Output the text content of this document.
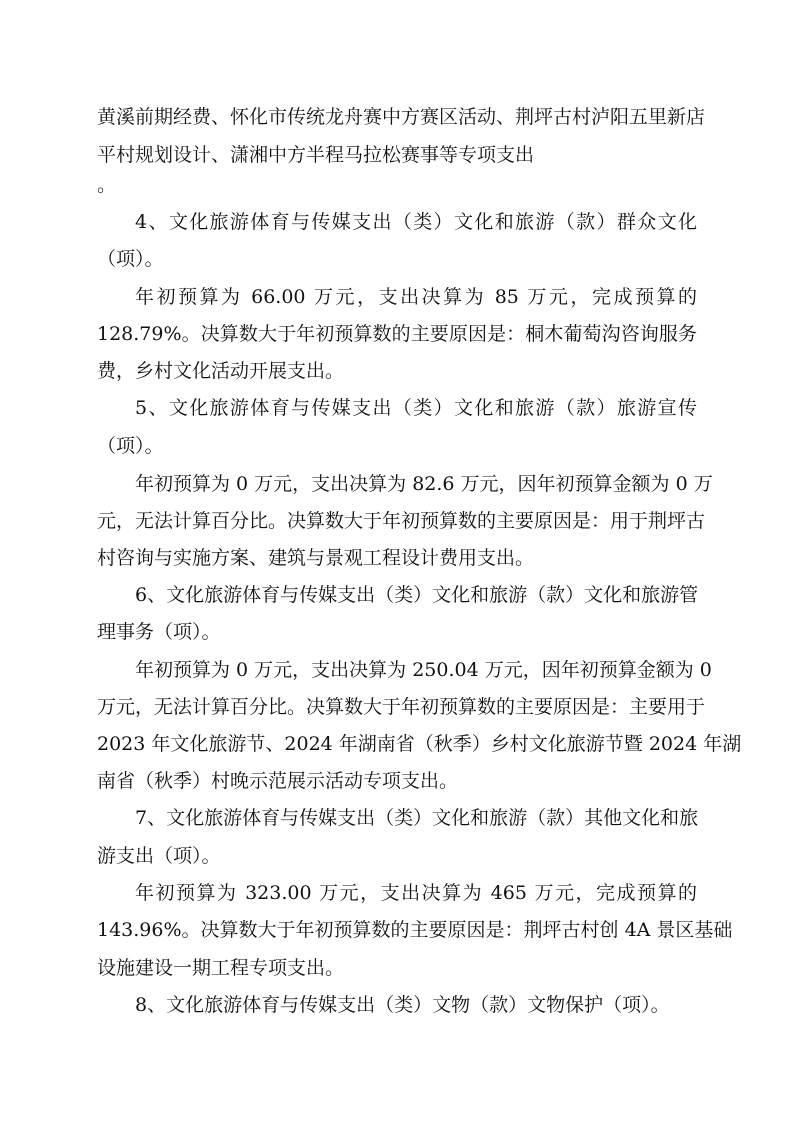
黄溪前期经费、怀化市传统龙舟赛中方赛区活动、荆坪古村泸阳五里新店
平村规划设计、潇湘中方半程马拉松赛事等专项支出
。
4、文化旅游体育与传媒支出（类）文化和旅游（款）群众文化
（项）。
年初预算为 66.00 万元，支出决算为 85 万元，完成预算的
128.79%。决算数大于年初预算数的主要原因是：桐木葡萄沟咨询服务
费，乡村文化活动开展支出。
5、文化旅游体育与传媒支出（类）文化和旅游（款）旅游宣传
（项）。
年初预算为 0 万元，支出决算为 82.6 万元，因年初预算金额为 0 万
元，无法计算百分比。决算数大于年初预算数的主要原因是：用于荆坪古
村咨询与实施方案、建筑与景观工程设计费用支出。
6、文化旅游体育与传媒支出（类）文化和旅游（款）文化和旅游管
理事务（项）。
年初预算为 0 万元，支出决算为 250.04 万元，因年初预算金额为 0
万元，无法计算百分比。决算数大于年初预算数的主要原因是：主要用于
2023 年文化旅游节、2024 年湖南省（秋季）乡村文化旅游节暨 2024 年湖
南省（秋季）村晚示范展示活动专项支出。
7、文化旅游体育与传媒支出（类）文化和旅游（款）其他文化和旅
游支出（项）。
年初预算为 323.00 万元，支出决算为 465 万元，完成预算的
143.96%。决算数大于年初预算数的主要原因是：荆坪古村创 4A 景区基础
设施建设一期工程专项支出。
8、文化旅游体育与传媒支出（类）文物（款）文物保护（项）。
